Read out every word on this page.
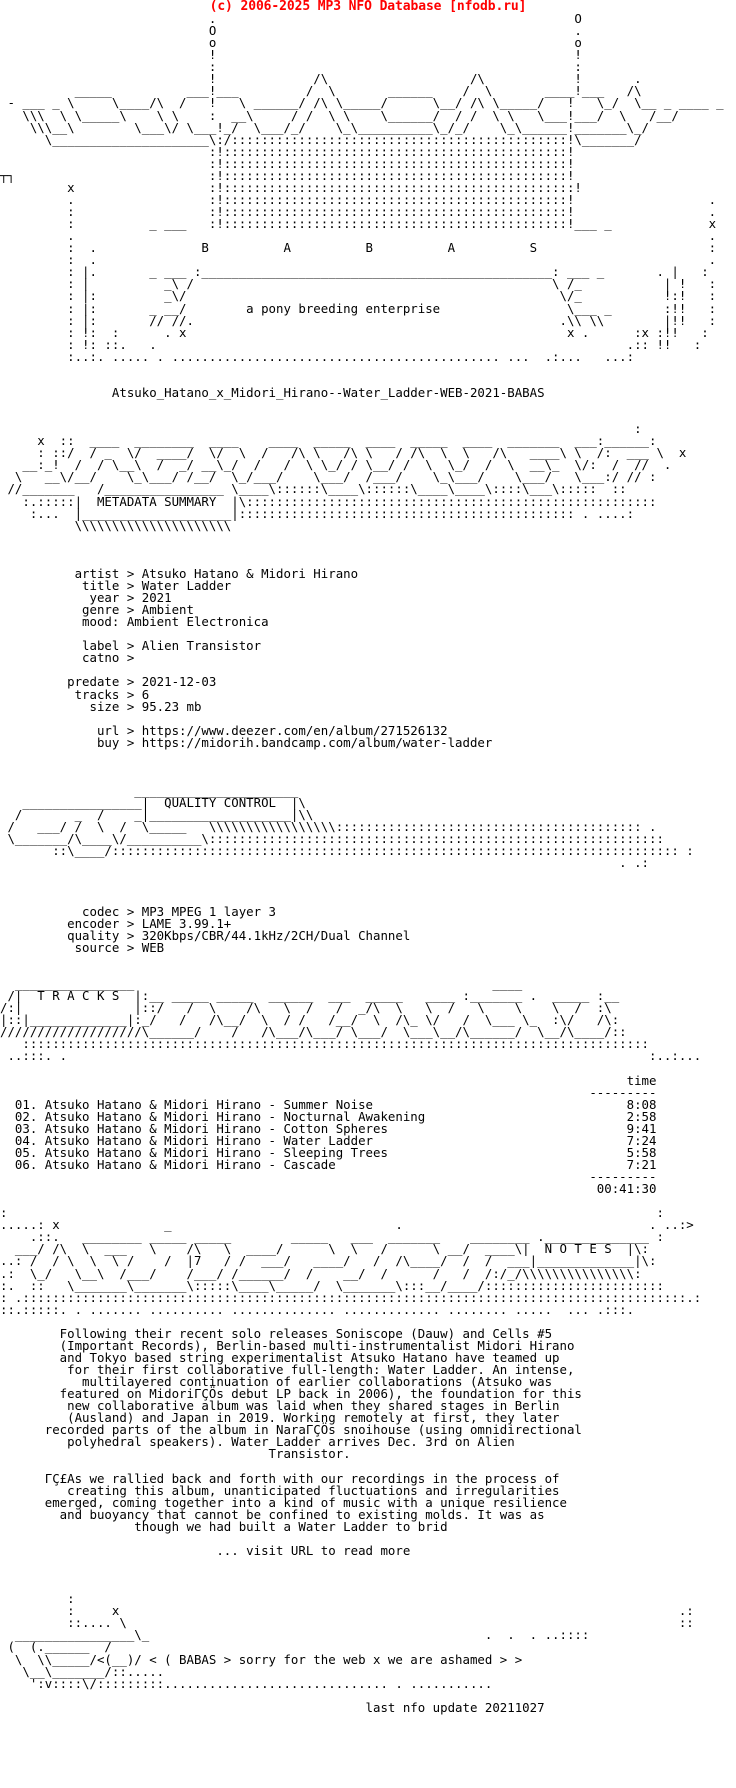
(c) 2006-2025 MP3 NFO Database [nfodb.ru]
.                                                O
O                                                .
o                                                o
!                                                !
:                                                :
!             /\                   /\            !       .
_____          ___!___         /  \       ______    /  \       ____!___   /\
- ___ _ \     \____/\  /   !   \ ______/ /\ \_____/      \__/ /\ \_____/   !   \_/  \__ _ ____ _
\\\  \ \_____\    \ \    :  __\     / /  \ \    \______/  / /  \ \   \___!___/  \   /__/
\\\__\        \___\/ \___!_/  \___/_/    \_\__________\_/_/    \_\______!_______\_/
\_____________________\:/:::::::::::::::::::::::::::::::::::::::::::::!\_______/
:!::::::::::::::::::::::::::::::::::::::::::::::!
:!::::::::::::::::::::::::::::::::::::::::::::::!
┬┐                          :!::::::::::::::::::::::::::::::::::::::::::::::!
x                  :!:::::::::::::::::::::::::::::::::::::::::::::::!
.                  :!::::::::::::::::::::::::::::::::::::::::::::::!                  .
:                  :!::::::::::::::::::::::::::::::::::::::::::::::!                  .
:          _ ___   :!::::::::::::::::::::::::::::::::::::::::::::::!___ _             x
.                                                                                     .
:  .              B          A          B          A          S                       :
:  .                                                                                  .
: |.       _ ___ :_______________________________________________: ___ _       . |   :
: |          _\ /                                                \ /_           | !   :
: |:         _\/                                                  \/_           !:!   :
: |:       _ __/        a pony breeding enterprise                 \___ _       :!!   :
: |:       // //.                                                 .\\ \\        |!!   :
: !:  :      . x                                                   x .      :x :!!   :
: !: ::.   .                                                               .:: !!   :
:..:. ..... . ............................................ ...  .:...   ...:

Atsuko_Hatano_x_Midori_Hirano--Water_Ladder-WEB-2021-BABAS

:
x  ::  ____  ________  ____    ____  _____  ____  _____  ____  _______  ___:______:
: ::/  / _  \/  ____/  \/  \  /   /\ \   /\ \   / /\  \  \   /\   ____\ \  /:  ___ \  x
__:_!  /  / \__\  /  _/ __\_/  /   /  \ \_/ / \__/ /  \  \_/  /  \  __\_  \/:  /  //  .
\   __\/__/    \_\___/ /__/  \_/___/    \___/  /___/    \_\___/    \___/   \___:/ // :
//_______   /________________ \____\::::::\____\::::::\____\____\::::\___\:::::  ::
:.:::::|  METADATA SUMMARY  |\:::::::::::::::::::::::::::::::::::::::::::::::::::::::
:...  |____________________|::::::::::::::::::::::::::::::::::::::::::::: . ....:
\\\\\\\\\\\\\\\\\\\\\

artist > Atsuko Hatano & Midori Hirano
title > Water Ladder
year > 2021
genre > Ambient
mood: Ambient Electronica

label > Alien Transistor
catno >

predate > 2021-12-03
tracks > 6
size > 95.23 mb

url > https://www.deezer.com/en/album/271526132
buy > https://midorih.bandcamp.com/album/water-ladder

______________________
________________|  QUALITY CONTROL  |\
/       _  /    _|___________________|\\
/   ___/ /  \  /  \_____   \\\\\\\\\\\\\\\\\::::::::::::::::::::::::::::::::::::::::: .
\_______/\____\/__________\:::::::::::::::::::::::::::::::::::::::::::::::::::::::::::::
::\____/:::::::::::::::::::::::::::::::::::::::::::::::::::::::::::::::::::::::::::: :
. .:

codec > MP3 MPEG 1 layer 3
encoder > LAME 3.99.1+
quality > 320Kbps/CBR/44.1kHz/2CH/Dual Channel
source > WEB

________________                                                ____
/|  T R A C K S  |:__ _____ _____  ______  ___  _____   ____ :_______ .  _____ :__
/:|               |::/   /  \    /\   \  /   /  _/\  \   \  /   \    \    \  /  :\
|::|_____________|:_/   /   /\__/  \  / /   /__/  \  /\_ \/   /  \___ \_  :\/   /\:
///////////////////\______/    /   /\___/\___/ \___/  \___\__/\______/  \__/\____/::
::::::::::::::::::::::::::::::::::::::::::::::::::::::::::::::::::::::::::::::::::::
..:::. .                                                                              :..:...

time
---------
01. Atsuko Hatano & Midori Hirano - Summer Noise                                  8:08
02. Atsuko Hatano & Midori Hirano - Nocturnal Awakening                           2:58
03. Atsuko Hatano & Midori Hirano - Cotton Spheres                                9:41
04. Atsuko Hatano & Midori Hirano - Water Ladder                                  7:24
05. Atsuko Hatano & Midori Hirano - Sleeping Trees                                5:58
06. Atsuko Hatano & Midori Hirano - Cascade                                       7:21
---------
00:41:30

:                                                                                       :
.....: x              _                              .                                 . ..:>
.::.   ________ _____ _____        _____   ___  _______    ________ .______________ :
___/ /\  \  ___   \    /\   \  ____/      \  \   /      \ __/  ____\|  N O T E S  |\:
..: /  / \  \  \ /    /  |7   / /  ___/   ____/   /  /\____/  /  /  ___|_____________|\:
.:  \_/   \__\  /___/    /___/ /______/  /    __/  /      /   /  /:/_/\\\\\\\\\\\\\\\:
:.  ::   \_______\_______\:::::\____\_____/  \_______\:::__/____/::::::::::::::::::::::::
: .:::::::::::::::::::::::::::::::::::::::::::::::::::::::::::::::::::::::::::::::::::::::::.:
::.:::::. . ....... .......... .............. ............. ........ .....  ... .:::.

Following their recent solo releases Soniscope (Dauw) and Cells #5
(Important Records), Berlin-based multi-instrumentalist Midori Hirano
and Tokyo based string experimentalist Atsuko Hatano have teamed up
for their first collaborative full-length: Water Ladder. An intense,
multilayered continuation of earlier collaborations (Atsuko was
featured on MidoriГÇÖs debut LP back in 2006), the foundation for this
new collaborative album was laid when they shared stages in Berlin
(Ausland) and Japan in 2019. Working remotely at first, they later
recorded parts of the album in NaraГÇÖs snoihouse (using omnidirectional
polyhedral speakers). Water Ladder arrives Dec. 3rd on Alien
Transistor.

ГÇ£As we rallied back and forth with our recordings in the process of
creating this album, unanticipated fluctuations and irregularities
emerged, coming together into a kind of music with a unique resilience
and buoyancy that cannot be confined to existing molds. It was as
though we had built a Water Ladder to brid

... visit URL to read more

:
:     x                                                                           .:
::.... \                                                                          ::
________________\_                                             .  .  . ..::::
(  (.______  /
\  \\_____/<(__)/ < ( BABAS > sorry for the web x we are ashamed > >
\__\_______/::.....
':v::::\/:::::::::.............................. . ...........

last nfo update 20211027
